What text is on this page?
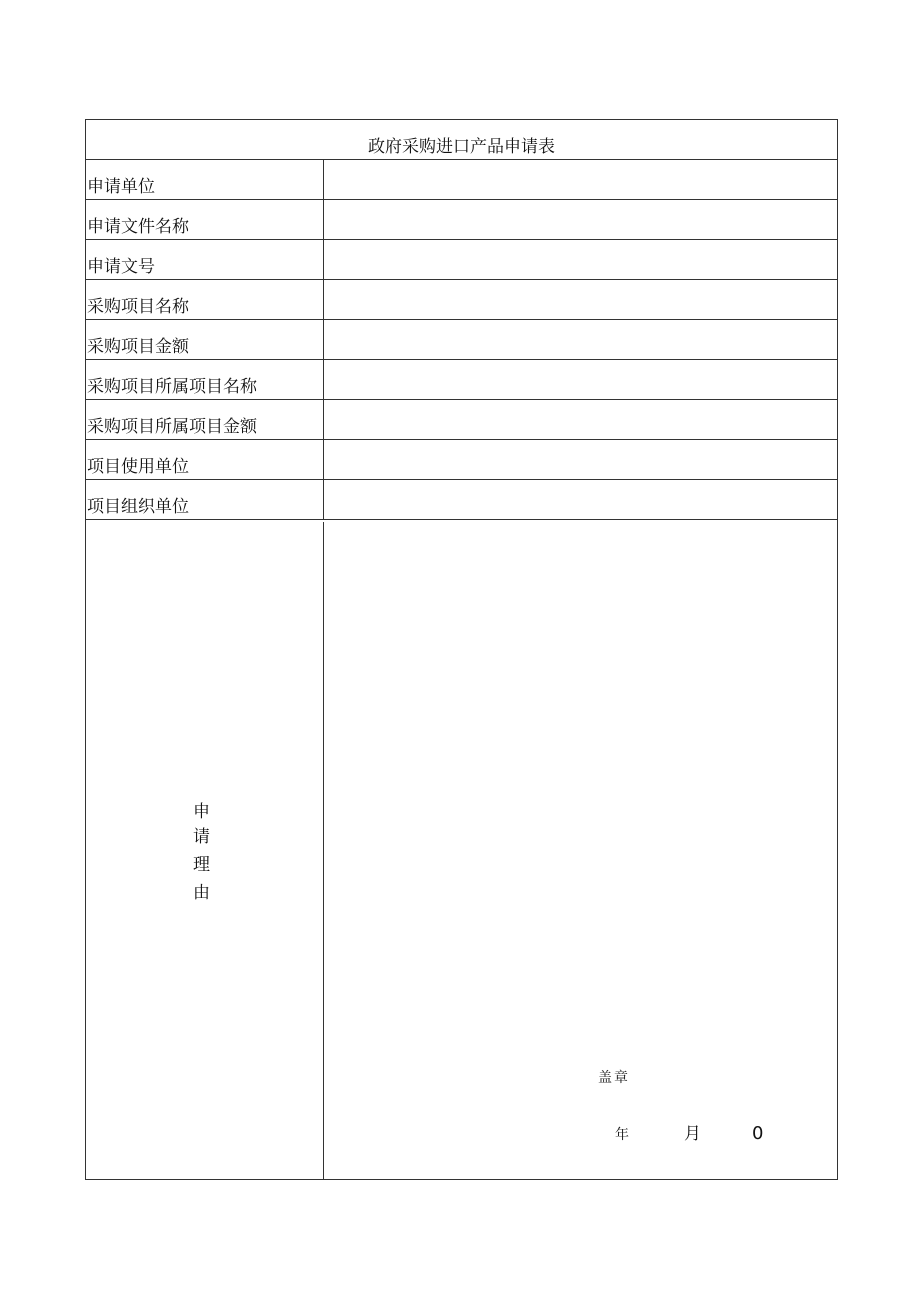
政府采购进口产品申请表
申请单位
申请文件名称
申请文号
采购项目名称
采购项目金额
采购项目所属项目名称
采购项目所属项目金额
项目使用单位
项目组织单位
申
请
理
由
盖章
年	月	0
